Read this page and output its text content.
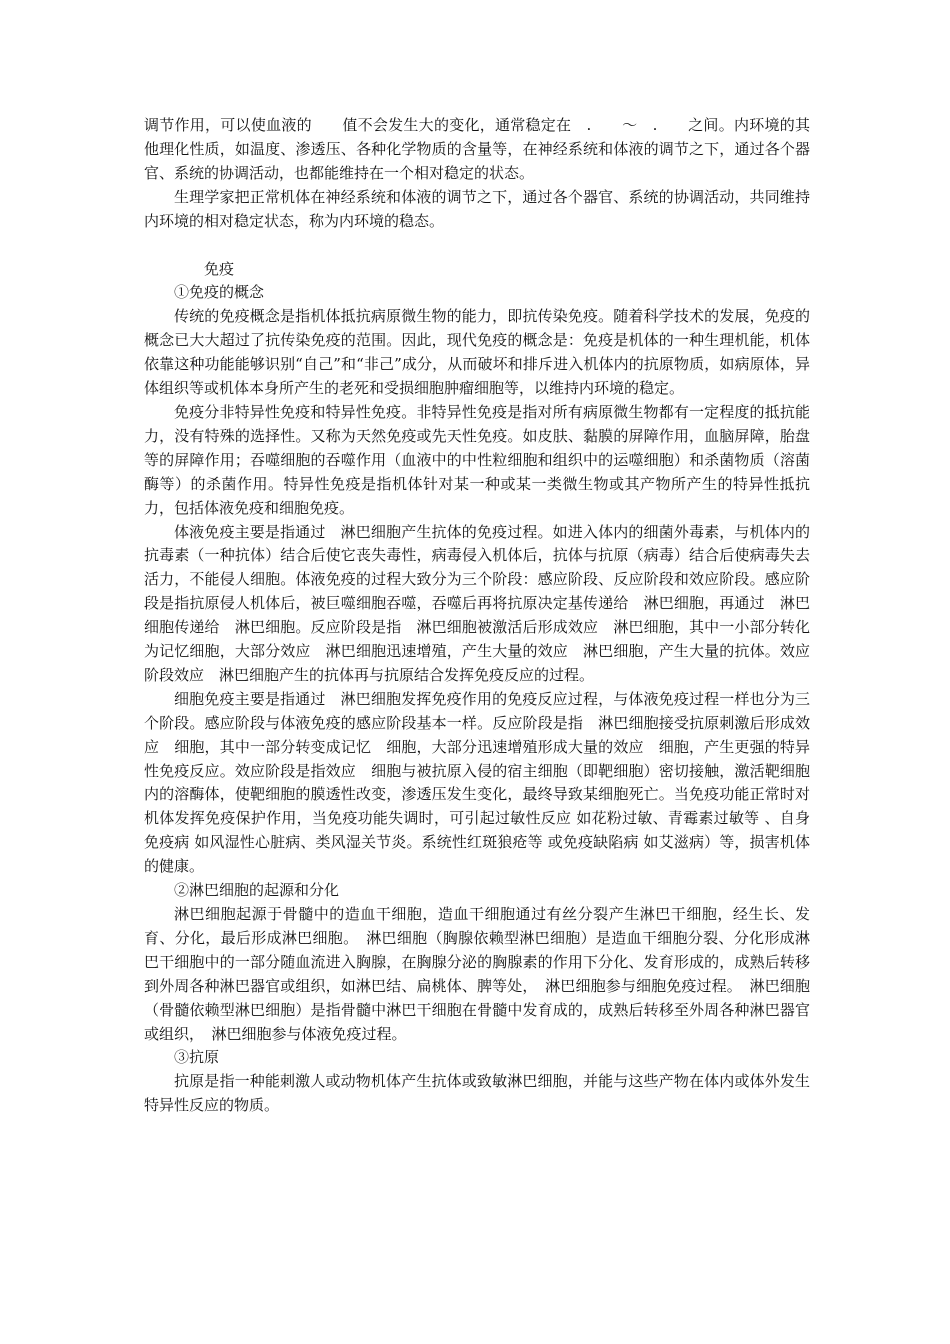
调节作用，可以使血液的　　值不会发生大的变化，通常稳定在　.　　～　.　　之间。内环境的其他理化性质，如温度、渗透压、各种化学物质的含量等，在神经系统和体液的调节之下，通过各个器官、系统的协调活动，也都能维持在一个相对稳定的状态。

生理学家把正常机体在神经系统和体液的调节之下，通过各个器官、系统的协调活动，共同维持内环境的相对稳定状态，称为内环境的稳态。

免疫

①免疫的概念

传统的免疫概念是指机体抵抗病原微生物的能力，即抗传染免疫。随着科学技术的发展，免疫的概念已大大超过了抗传染免疫的范围。因此，现代免疫的概念是：免疫是机体的一种生理机能，机体依靠这种功能能够识别“自己”和“非己”成分，从而破坏和排斥进入机体内的抗原物质，如病原体，异体组织等或机体本身所产生的老死和受损细胞肿瘤细胞等，以维持内环境的稳定。

免疫分非特异性免疫和特异性免疫。非特异性免疫是指对所有病原微生物都有一定程度的抵抗能力，没有特殊的选择性。又称为天然免疫或先天性免疫。如皮肤、黏膜的屏障作用，血脑屏障，胎盘等的屏障作用；吞噬细胞的吞噬作用（血液中的中性粒细胞和组织中的运噬细胞）和杀菌物质（溶菌酶等）的杀菌作用。特异性免疫是指机体针对某一种或某一类微生物或其产物所产生的特异性抵抗力，包括体液免疫和细胞免疫。

体液免疫主要是指通过　淋巴细胞产生抗体的免疫过程。如进入体内的细菌外毒素，与机体内的抗毒素（一种抗体）结合后使它丧失毒性，病毒侵入机体后，抗体与抗原（病毒）结合后使病毒失去活力，不能侵人细胞。体液免疫的过程大致分为三个阶段：感应阶段、反应阶段和效应阶段。感应阶段是指抗原侵人机体后，被巨噬细胞吞噬，吞噬后再将抗原决定基传递给　淋巴细胞，再通过　淋巴细胞传递给　淋巴细胞。反应阶段是指　淋巴细胞被激活后形成效应　淋巴细胞，其中一小部分转化为记忆细胞，大部分效应　淋巴细胞迅速增殖，产生大量的效应　淋巴细胞，产生大量的抗体。效应阶段效应　淋巴细胞产生的抗体再与抗原结合发挥免疫反应的过程。

细胞免疫主要是指通过　淋巴细胞发挥免疫作用的免疫反应过程，与体液免疫过程一样也分为三个阶段。感应阶段与体液免疫的感应阶段基本一样。反应阶段是指　淋巴细胞接受抗原刺激后形成效应　细胞，其中一部分转变成记忆　细胞，大部分迅速增殖形成大量的效应　细胞，产生更强的特异性免疫反应。效应阶段是指效应　细胞与被抗原入侵的宿主细胞（即靶细胞）密切接触，激活靶细胞内的溶酶体，使靶细胞的膜透性改变，渗透压发生变化，最终导致某细胞死亡。当免疫功能正常时对机体发挥免疫保护作用，当免疫功能失调时，可引起过敏性反应 如花粉过敏、青霉素过敏等 、自身免疫病 如风湿性心脏病、类风湿关节炎。系统性红斑狼疮等 或免疫缺陷病 如艾滋病）等，损害机体的健康。

②淋巴细胞的起源和分化

淋巴细胞起源于骨髓中的造血干细胞，造血干细胞通过有丝分裂产生淋巴干细胞，经生长、发育、分化，最后形成淋巴细胞。　淋巴细胞（胸腺依赖型淋巴细胞）是造血干细胞分裂、分化形成淋巴干细胞中的一部分随血流进入胸腺，在胸腺分泌的胸腺素的作用下分化、发育形成的，成熟后转移到外周各种淋巴器官或组织，如淋巴结、扁桃体、脾等处，　淋巴细胞参与细胞免疫过程。　淋巴细胞（骨髓依赖型淋巴细胞）是指骨髓中淋巴干细胞在骨髓中发育成的，成熟后转移至外周各种淋巴器官或组织，　淋巴细胞参与体液免疫过程。

③抗原

抗原是指一种能刺激人或动物机体产生抗体或致敏淋巴细胞，并能与这些产物在体内或体外发生特异性反应的物质。
